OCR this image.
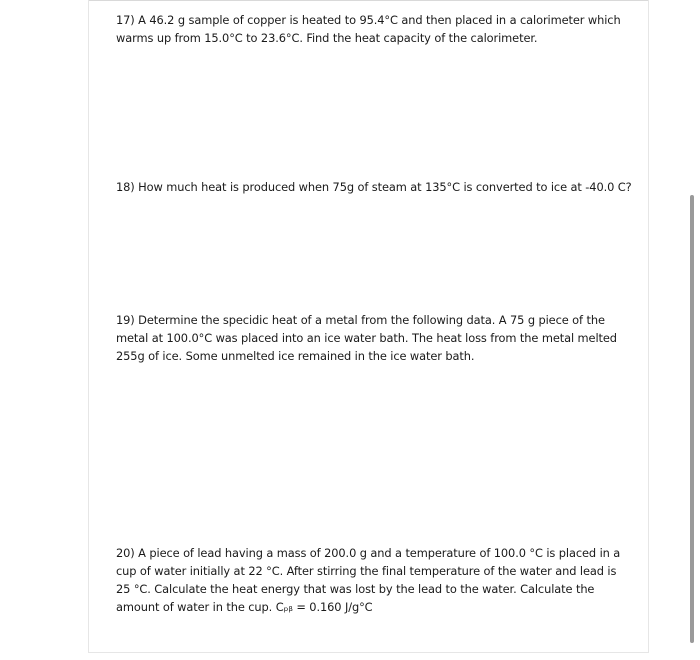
17) A 46.2 g sample of copper is heated to 95.4°C and then placed in a calorimeter which warms up from 15.0°C to 23.6°C. Find the heat capacity of the calorimeter.

18) How much heat is produced when 75g of steam at 135°C is converted to ice at -40.0 C?

19) Determine the specidic heat of a metal from the following data. A 75 g piece of the metal at 100.0°C was placed into an ice water bath. The heat loss from the metal melted 255g of ice. Some unmelted ice remained in the ice water bath.

20) A piece of lead having a mass of 200.0 g and a temperature of 100.0 °C is placed in a cup of water initially at 22 °C. After stirring the final temperature of the water and lead is 25 °C. Calculate the heat energy that was lost by the lead to the water. Calculate the amount of water in the cup. Cₚᵦ = 0.160 J/g°C
